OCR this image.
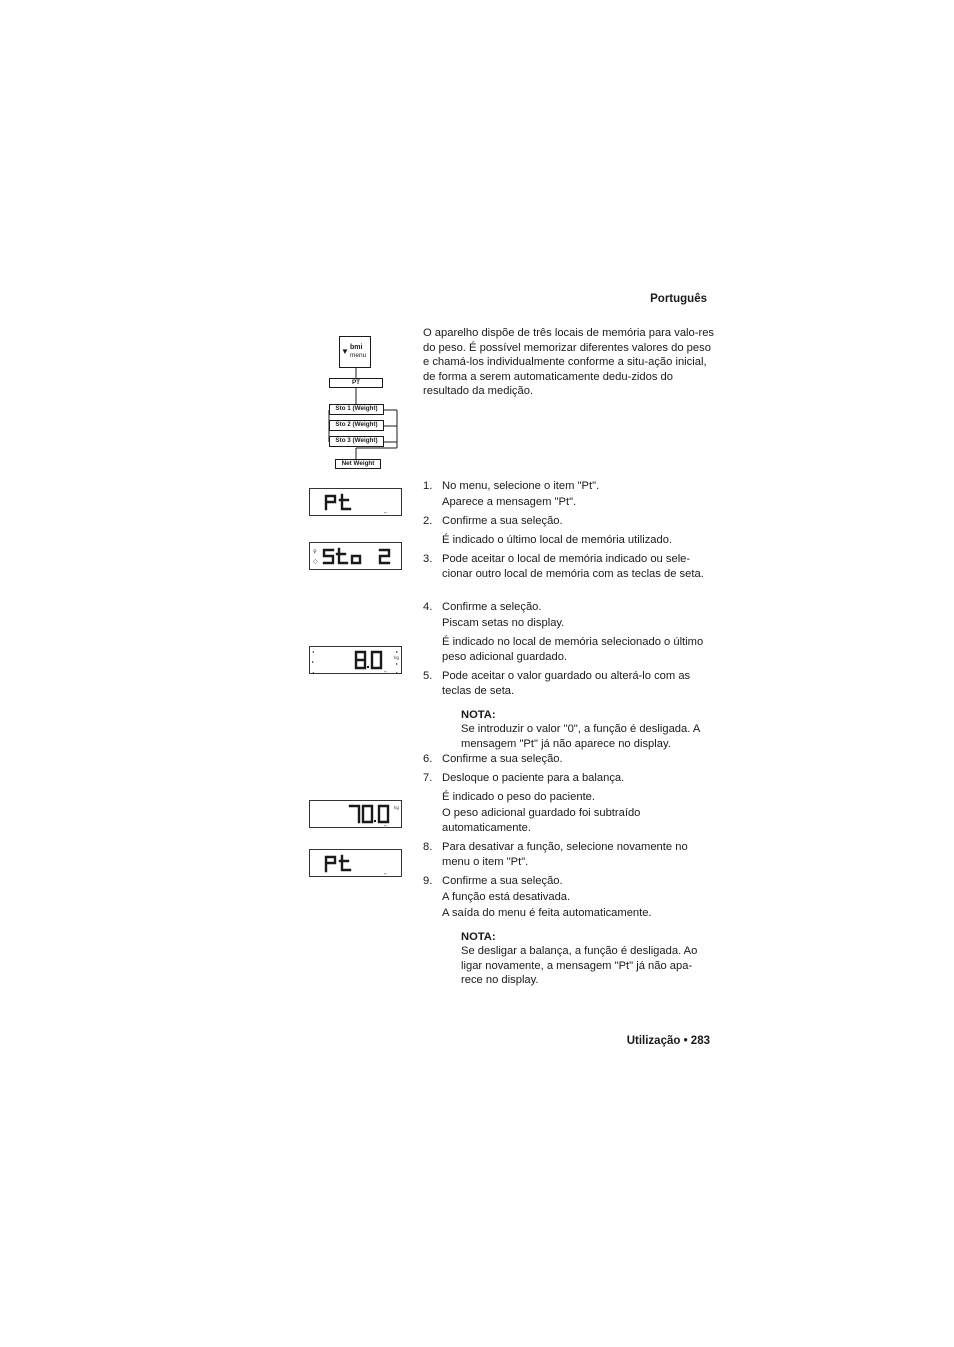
Português
▼ bmi
menu
PT
Sto 1 (Weight)
Sto 2 (Weight)
Sto 3 (Weight)
Net Weight
O aparelho dispõe de três locais de memória para valo-res do peso. É possível memorizar diferentes valores do peso e chamá-los individualmente conforme a situ-ação inicial, de forma a serem automaticamente dedu-zidos do resultado da medição.
ᴾᵀ
♀
◇
◂
▸
◂
▸
kg
▸
▸
ᴾᵀ
kg
ᴾᵀ
ᴾᵀ
1. No menu, selecione o item "Pt".
Aparece a mensagem "Pt".
2. Confirme a sua seleção.
É indicado o último local de memória utilizado.
3. Pode aceitar o local de memória indicado ou sele-cionar outro local de memória com as teclas de seta.
4. Confirme a seleção.
Piscam setas no display.
É indicado no local de memória selecionado o último peso adicional guardado.
5. Pode aceitar o valor guardado ou alterá-lo com as teclas de seta.
NOTA:
Se introduzir o valor "0", a função é desligada. A mensagem "Pt" já não aparece no display.
6. Confirme a sua seleção.
7. Desloque o paciente para a balança.
É indicado o peso do paciente.
O peso adicional guardado foi subtraído automaticamente.
8. Para desativar a função, selecione novamente no menu o item "Pt".
9. Confirme a sua seleção.
A função está desativada.
A saída do menu é feita automaticamente.
NOTA:
Se desligar a balança, a função é desligada. Ao ligar novamente, a mensagem "Pt" já não apa-rece no display.
Utilização • 283
